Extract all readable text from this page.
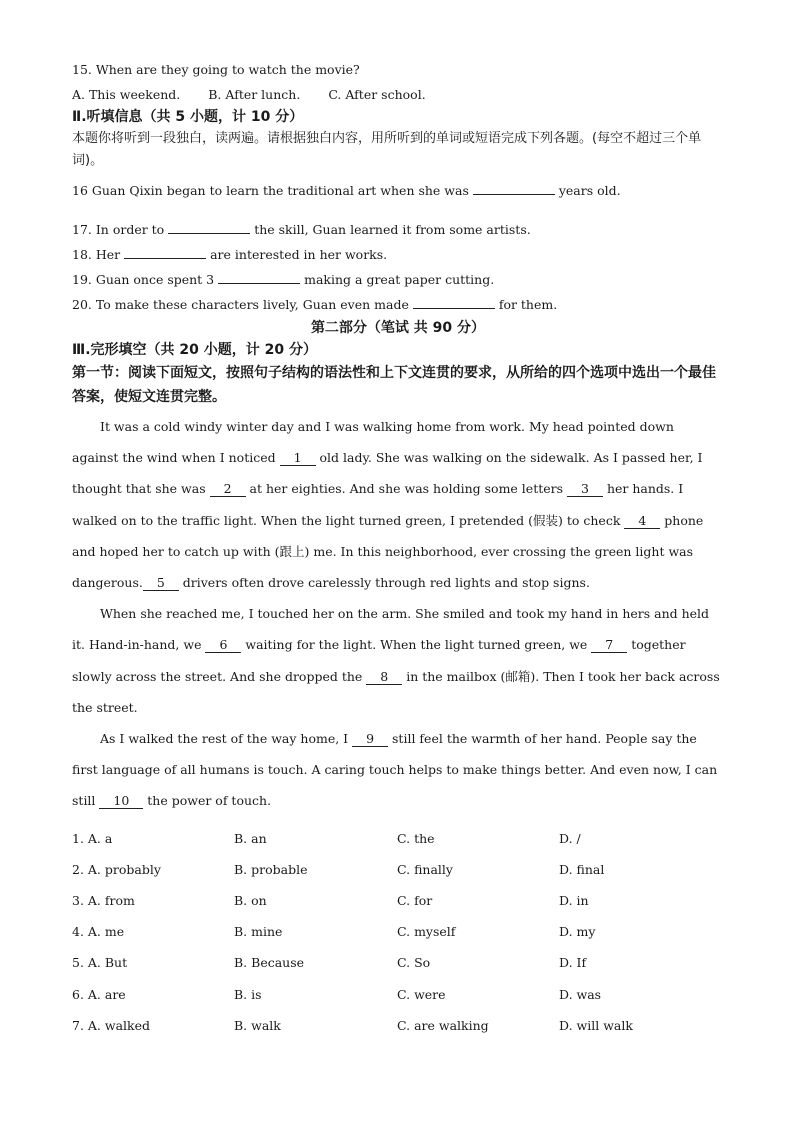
15. When are they going to watch the movie?
A. This weekend. B. After lunch. C. After school.
Ⅱ.听填信息（共 5 小题，计 10 分）
本题你将听到一段独白，读两遍。请根据独白内容，用所听到的单词或短语完成下列各题。(每空不超过三个单词)。
16 Guan Qixin began to learn the traditional art when she was	years old.
17. In order to	the skill, Guan learned it from some artists.
18. Her	are interested in her works.
19. Guan once spent 3	making a great paper cutting.
20. To make these characters lively, Guan even made	for them.
第二部分（笔试 共 90 分）
Ⅲ.完形填空（共 20 小题，计 20 分）
第一节：阅读下面短文，按照句子结构的语法性和上下文连贯的要求，从所给的四个选项中选出一个最佳答案，使短文连贯完整。
It was a cold windy winter day and I was walking home from work. My head pointed down against the wind when I noticed 1 old lady. She was walking on the sidewalk. As I passed her, I thought that she was 2 at her eighties. And she was holding some letters 3 her hands. I walked on to the traffic light. When the light turned green, I pretended (假装) to check 4 phone and hoped her to catch up with (跟上) me. In this neighborhood, ever crossing the green light was dangerous. 5 drivers often drove carelessly through red lights and stop signs.
When she reached me, I touched her on the arm. She smiled and took my hand in hers and held it. Hand-in-hand, we 6 waiting for the light. When the light turned green, we 7 together slowly across the street. And she dropped the 8 in the mailbox (邮箱). Then I took her back across the street.
As I walked the rest of the way home, I 9 still feel the warmth of her hand. People say the first language of all humans is touch. A caring touch helps to make things better. And even now, I can still 10 the power of touch.
1. A. a	B. an	C. the	D. /
2. A. probably	B. probable	C. finally	D. final
3. A. from	B. on	C. for	D. in
4. A. me	B. mine	C. myself	D. my
5. A. But	B. Because	C. So	D. If
6. A. are	B. is	C. were	D. was
7. A. walked	B. walk	C. are walking	D. will walk
